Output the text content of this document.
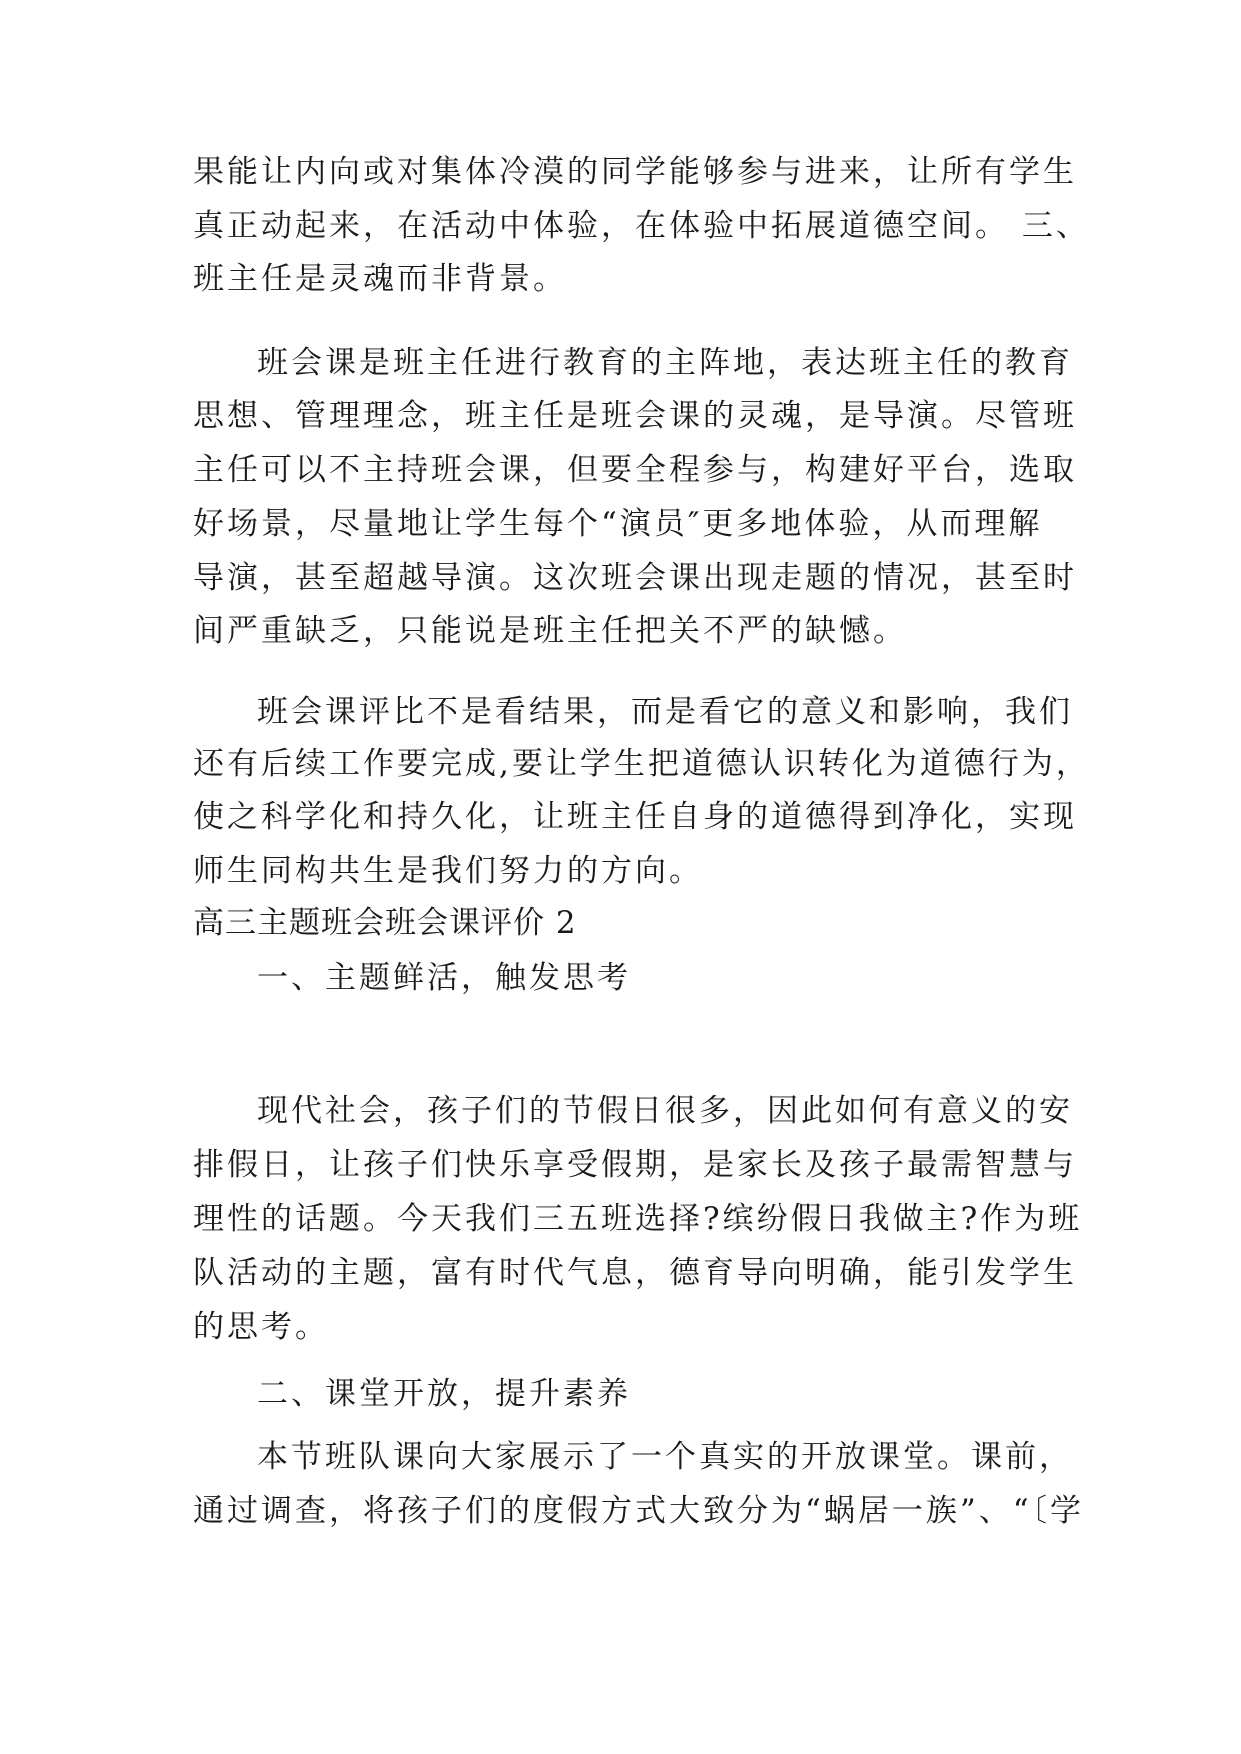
果能让内向或对集体冷漠的同学能够参与进来，让所有学生
真正动起来，在活动中体验，在体验中拓展道德空间。 三、
班主任是灵魂而非背景。
班会课是班主任进行教育的主阵地，表达班主任的教育
思想、管理理念，班主任是班会课的灵魂，是导演。尽管班
主任可以不主持班会课，但要全程参与，构建好平台，选取
好场景，尽量地让学生每个“演员″更多地体验，从而理解
导演，甚至超越导演。这次班会课出现走题的情况，甚至时
间严重缺乏，只能说是班主任把关不严的缺憾。
班会课评比不是看结果，而是看它的意义和影响，我们
还有后续工作要完成,要让学生把道德认识转化为道德行为，
使之科学化和持久化，让班主任自身的道德得到净化，实现
师生同构共生是我们努力的方向。
高三主题班会班会课评价 2
一、主题鲜活，触发思考
现代社会，孩子们的节假日很多，因此如何有意义的安
排假日，让孩子们快乐享受假期，是家长及孩子最需智慧与
理性的话题。今天我们三五班选择?缤纷假日我做主?作为班
队活动的主题，富有时代气息，德育导向明确，能引发学生
的思考。
二、课堂开放，提升素养
本节班队课向大家展示了一个真实的开放课堂。课前，
通过调查，将孩子们的度假方式大致分为“蜗居一族”、“〔学
